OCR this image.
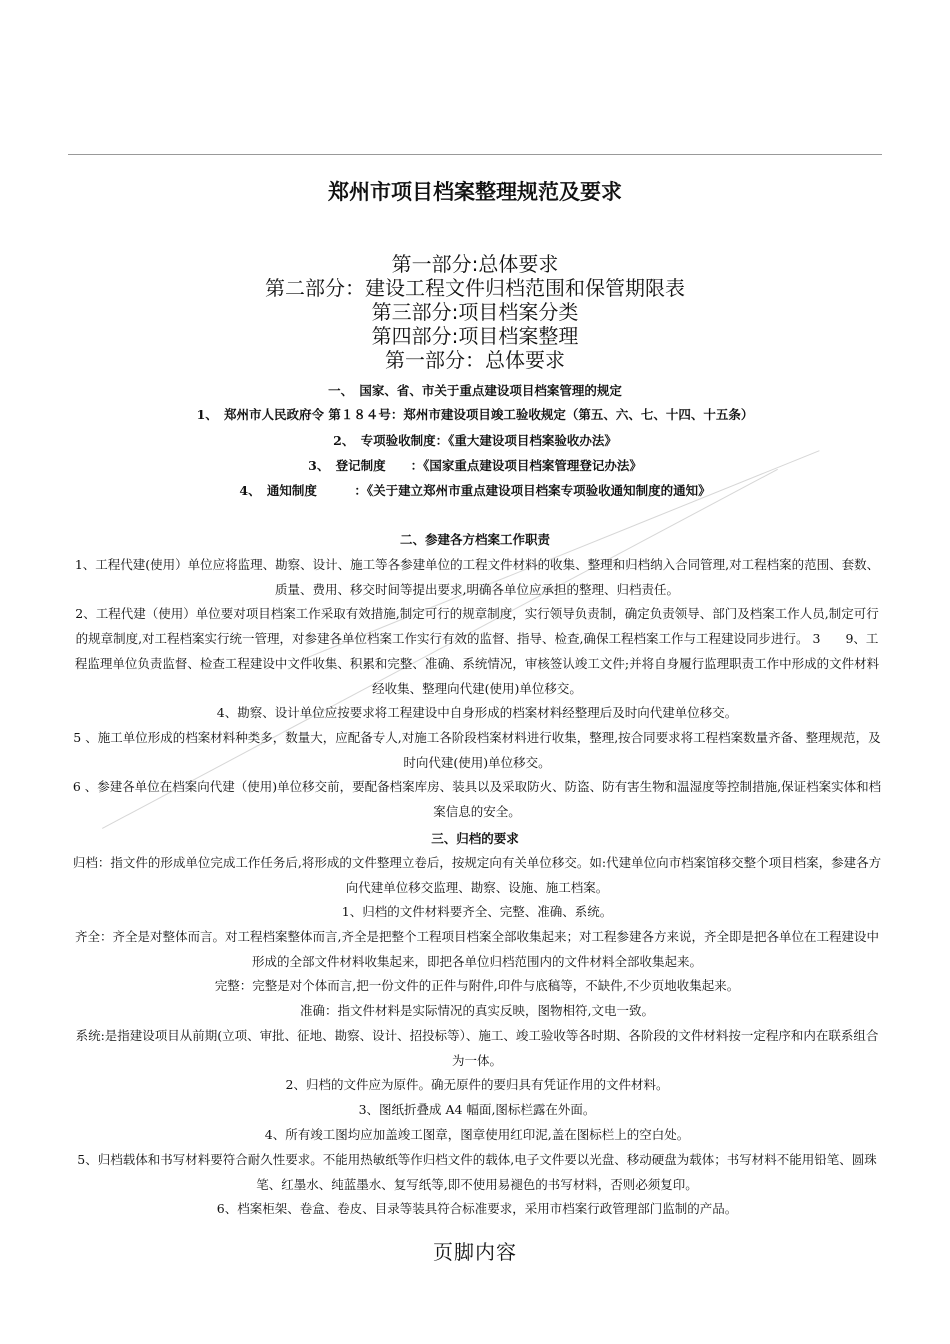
郑州市项目档案整理规范及要求
第一部分:总体要求
第二部分：建设工程文件归档范围和保管期限表
第三部分:项目档案分类
第四部分:项目档案整理
第一部分：总体要求
一、　国家、省、市关于重点建设项目档案管理的规定
1、　郑州市人民政府令 第１８４号：郑州市建设项目竣工验收规定（第五、六、七、十四、十五条）
2、　专项验收制度：《重大建设项目档案验收办法》
3、　登记制度　　：《国家重点建设项目档案管理登记办法》
4、　通知制度　　　：《关于建立郑州市重点建设项目档案专项验收通知制度的通知》
二、参建各方档案工作职责
1、工程代建(使用）单位应将监理、勘察、设计、施工等各参建单位的工程文件材料的收集、整理和归档纳入合同管理,对工程档案的范围、套数、质量、费用、移交时间等提出要求,明确各单位应承担的整理、归档责任。
2、工程代建（使用）单位要对项目档案工作采取有效措施,制定可行的规章制度，实行领导负责制，确定负责领导、部门及档案工作人员,制定可行的规章制度,对工程档案实行统一管理，对参建各单位档案工作实行有效的监督、指导、检查,确保工程档案工作与工程建设同步进行。 3　　9、工程监理单位负责监督、检查工程建设中文件收集、积累和完整、准确、系统情况，审核签认竣工文件;并将自身履行监理职责工作中形成的文件材料经收集、整理向代建(使用)单位移交。
4、勘察、设计单位应按要求将工程建设中自身形成的档案材料经整理后及时向代建单位移交。
5 、施工单位形成的档案材料种类多，数量大，应配备专人,对施工各阶段档案材料进行收集，整理,按合同要求将工程档案数量齐备、整理规范，及时向代建(使用)单位移交。
6 、参建各单位在档案向代建（使用)单位移交前，要配备档案库房、装具以及采取防火、防盗、防有害生物和温湿度等控制措施,保证档案实体和档案信息的安全。
三、归档的要求
归档：指文件的形成单位完成工作任务后,将形成的文件整理立卷后，按规定向有关单位移交。如:代建单位向市档案馆移交整个项目档案，参建各方向代建单位移交监理、勘察、设施、施工档案。
1、归档的文件材料要齐全、完整、准确、系统。
齐全：齐全是对整体而言。对工程档案整体而言,齐全是把整个工程项目档案全部收集起来；对工程参建各方来说，齐全即是把各单位在工程建设中形成的全部文件材料收集起来，即把各单位归档范围内的文件材料全部收集起来。
完整：完整是对个体而言,把一份文件的正件与附件,印件与底稿等，不缺件,不少页地收集起来。
准确：指文件材料是实际情况的真实反映，图物相符,文电一致。
系统:是指建设项目从前期(立项、审批、征地、勘察、设计、招投标等）、施工、竣工验收等各时期、各阶段的文件材料按一定程序和内在联系组合为一体。
2、归档的文件应为原件。确无原件的要归具有凭证作用的文件材料。
3、图纸折叠成 A4 幅面,图标栏露在外面。
4、所有竣工图均应加盖竣工图章，图章使用红印泥,盖在图标栏上的空白处。
5、归档载体和书写材料要符合耐久性要求。不能用热敏纸等作归档文件的载体,电子文件要以光盘、移动硬盘为载体；书写材料不能用铅笔、圆珠笔、红墨水、纯蓝墨水、复写纸等,即不使用易褪色的书写材料，否则必须复印。
6、档案柜架、卷盒、卷皮、目录等装具符合标准要求，采用市档案行政管理部门监制的产品。
页脚内容
